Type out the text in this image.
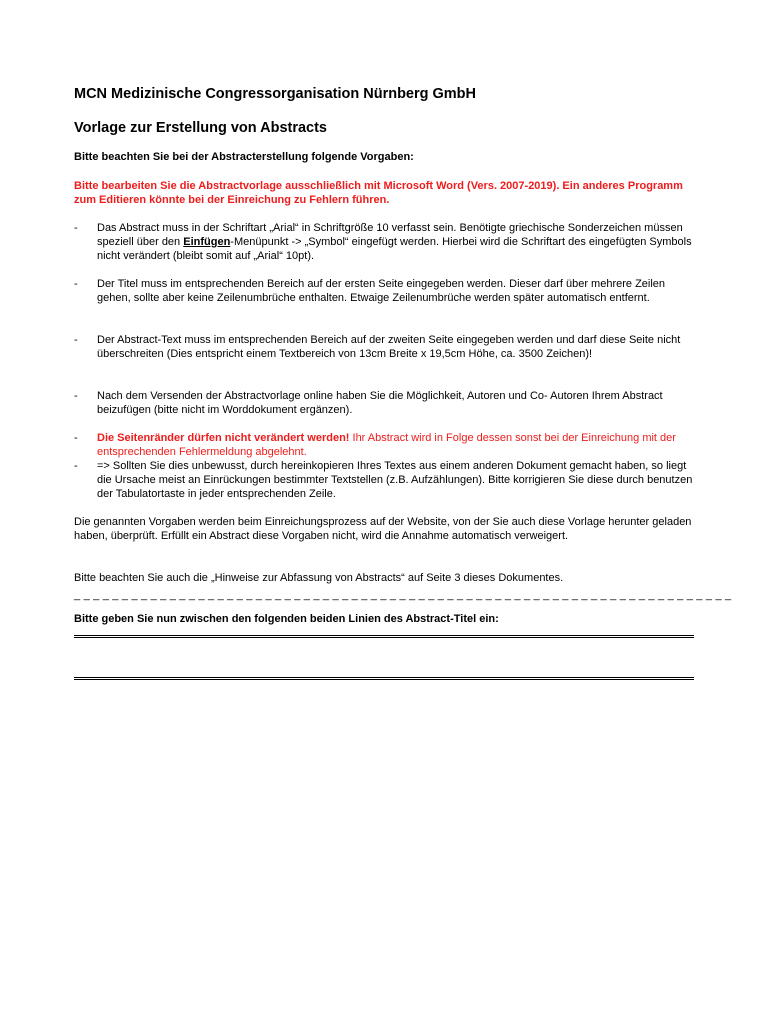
MCN Medizinische Congressorganisation Nürnberg GmbH
Vorlage zur Erstellung von Abstracts
Bitte beachten Sie bei der Abstracterstellung folgende Vorgaben:
Bitte bearbeiten Sie die Abstractvorlage ausschließlich mit Microsoft Word (Vers. 2007-2019). Ein anderes Programm zum Editieren könnte bei der Einreichung zu Fehlern führen.
- Das Abstract muss in der Schriftart „Arial“ in Schriftgröße 10 verfasst sein. Benötigte griechische Sonderzeichen müssen speziell über den Einfügen-Menüpunkt -> „Symbol“ eingefügt werden. Hierbei wird die Schriftart des eingefügten Symbols nicht verändert (bleibt somit auf „Arial“ 10pt).
- Der Titel muss im entsprechenden Bereich auf der ersten Seite eingegeben werden. Dieser darf über mehrere Zeilen gehen, sollte aber keine Zeilenumbrüche enthalten. Etwaige Zeilenumbrüche werden später automatisch entfernt.
- Der Abstract-Text muss im entsprechenden Bereich auf der zweiten Seite eingegeben werden und darf diese Seite nicht überschreiten (Dies entspricht einem Textbereich von 13cm Breite x 19,5cm Höhe, ca. 3500 Zeichen)!
- Nach dem Versenden der Abstractvorlage online haben Sie die Möglichkeit, Autoren und Co- Autoren Ihrem Abstract beizufügen (bitte nicht im Worddokument ergänzen).
- Die Seitenränder dürfen nicht verändert werden! Ihr Abstract wird in Folge dessen sonst bei der Einreichung mit der entsprechenden Fehlermeldung abgelehnt.
- => Sollten Sie dies unbewusst, durch hereinkopieren Ihres Textes aus einem anderen Dokument gemacht haben, so liegt die Ursache meist an Einrückungen bestimmter Textstellen (z.B. Aufzählungen). Bitte korrigieren Sie diese durch benutzen der Tabulatortaste in jeder entsprechenden Zeile.
Die genannten Vorgaben werden beim Einreichungsprozess auf der Website, von der Sie auch diese Vorlage herunter geladen haben, überprüft. Erfüllt ein Abstract diese Vorgaben nicht, wird die Annahme automatisch verweigert.
Bitte beachten Sie auch die „Hinweise zur Abfassung von Abstracts“ auf Seite 3 dieses Dokumentes.
_ _ _ _ _ _ _ _ _ _ _ _ _ _ _ _ _ _ _ _ _ _ _ _ _ _ _ _ _ _ _ _ _ _ _ _ _ _ _ _ _ _ _ _ _ _ _ _ _ _ _ _ _ _ _ _ _ _ _ _ _ _ _ _ _ _ _ _ _
Bitte geben Sie nun zwischen den folgenden beiden Linien des Abstract-Titel ein:
